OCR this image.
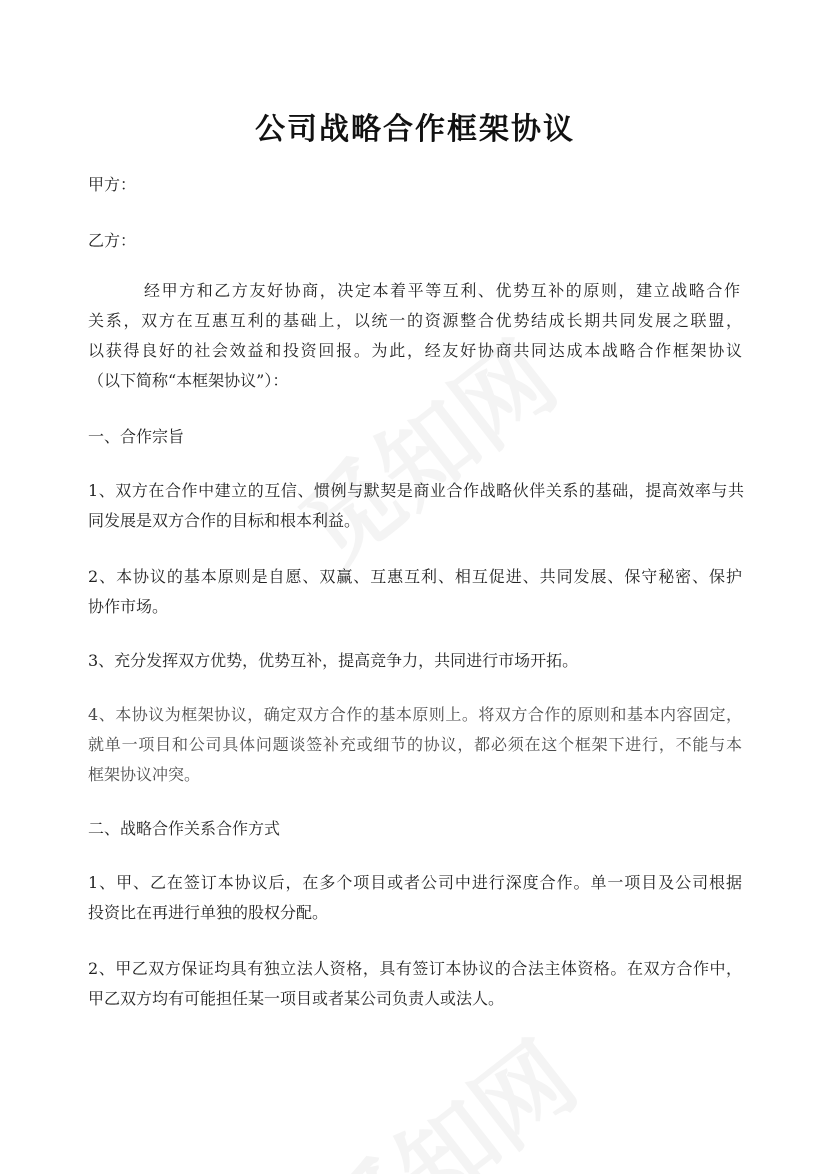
公司战略合作框架协议

甲方：

乙方：

经甲方和乙方友好协商，决定本着平等互利、优势互补的原则，建立战略合作

关系，双方在互惠互利的基础上，以统一的资源整合优势结成长期共同发展之联盟，

以获得良好的社会效益和投资回报。为此，经友好协商共同达成本战略合作框架协议

（以下简称“本框架协议”）：

一、合作宗旨

1、双方在合作中建立的互信、惯例与默契是商业合作战略伙伴关系的基础，提高效率与共

同发展是双方合作的目标和根本利益。

2、本协议的基本原则是自愿、双赢、互惠互利、相互促进、共同发展、保守秘密、保护

协作市场。

3、充分发挥双方优势，优势互补，提高竞争力，共同进行市场开拓。

4、本协议为框架协议，确定双方合作的基本原则上。将双方合作的原则和基本内容固定，

就单一项目和公司具体问题谈签补充或细节的协议，都必须在这个框架下进行，不能与本

框架协议冲突。

二、战略合作关系合作方式

1、甲、乙在签订本协议后，在多个项目或者公司中进行深度合作。单一项目及公司根据

投资比在再进行单独的股权分配。

2、甲乙双方保证均具有独立法人资格，具有签订本协议的合法主体资格。在双方合作中，

甲乙双方均有可能担任某一项目或者某公司负责人或法人。
